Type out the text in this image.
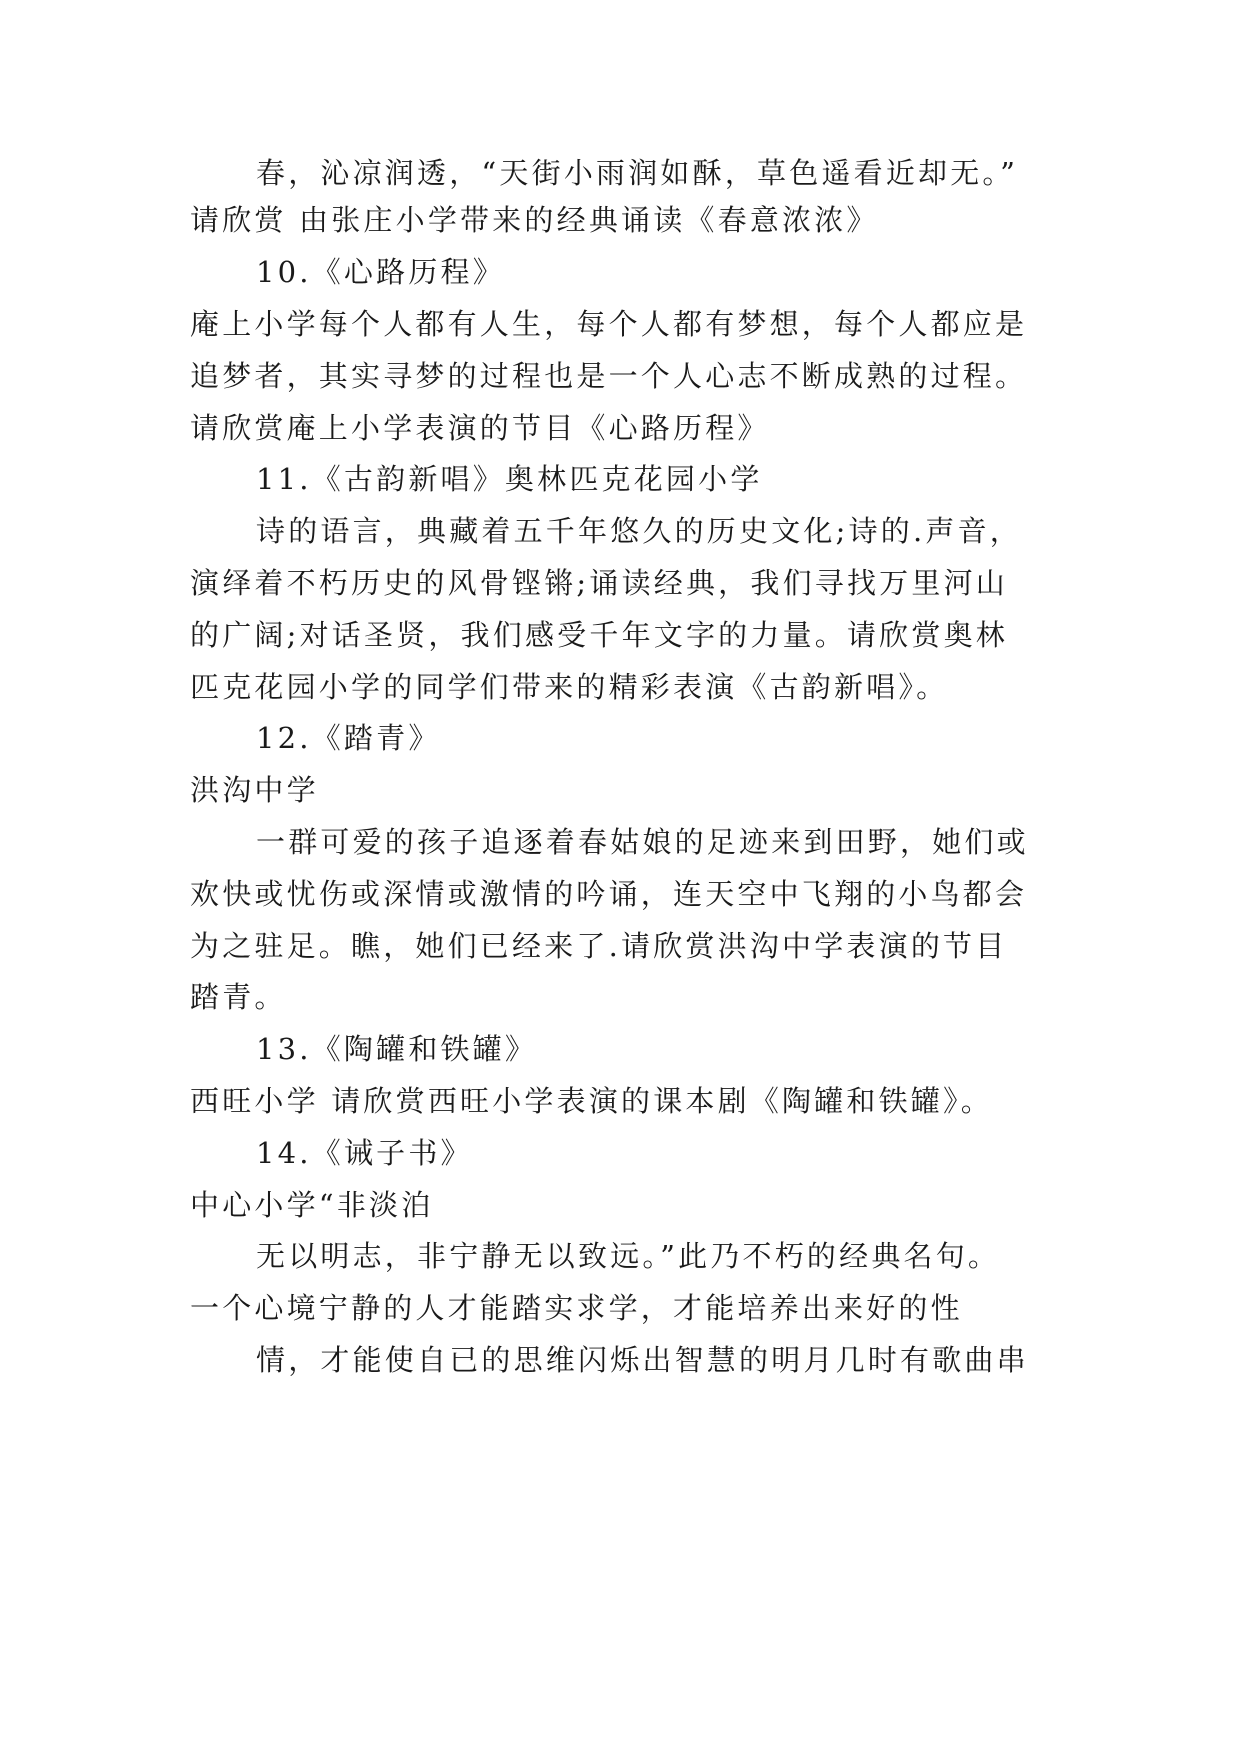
春，沁凉润透，“天街小雨润如酥，草色遥看近却无。”
请欣赏 由张庄小学带来的经典诵读《春意浓浓》
10.《心路历程》
庵上小学每个人都有人生，每个人都有梦想，每个人都应是
追梦者，其实寻梦的过程也是一个人心志不断成熟的过程。
请欣赏庵上小学表演的节目《心路历程》
11.《古韵新唱》奥林匹克花园小学
诗的语言，典藏着五千年悠久的历史文化;诗的.声音，
演绎着不朽历史的风骨铿锵;诵读经典，我们寻找万里河山
的广阔;对话圣贤，我们感受千年文字的力量。请欣赏奥林
匹克花园小学的同学们带来的精彩表演《古韵新唱》。
12.《踏青》
洪沟中学
一群可爱的孩子追逐着春姑娘的足迹来到田野，她们或
欢快或忧伤或深情或激情的吟诵，连天空中飞翔的小鸟都会
为之驻足。瞧，她们已经来了.请欣赏洪沟中学表演的节目
踏青。
13.《陶罐和铁罐》
西旺小学 请欣赏西旺小学表演的课本剧《陶罐和铁罐》。
14.《诫子书》
中心小学“非淡泊
无以明志，非宁静无以致远。”此乃不朽的经典名句。
一个心境宁静的人才能踏实求学，才能培养出来好的性
情，才能使自已的思维闪烁出智慧的明月几时有歌曲串
